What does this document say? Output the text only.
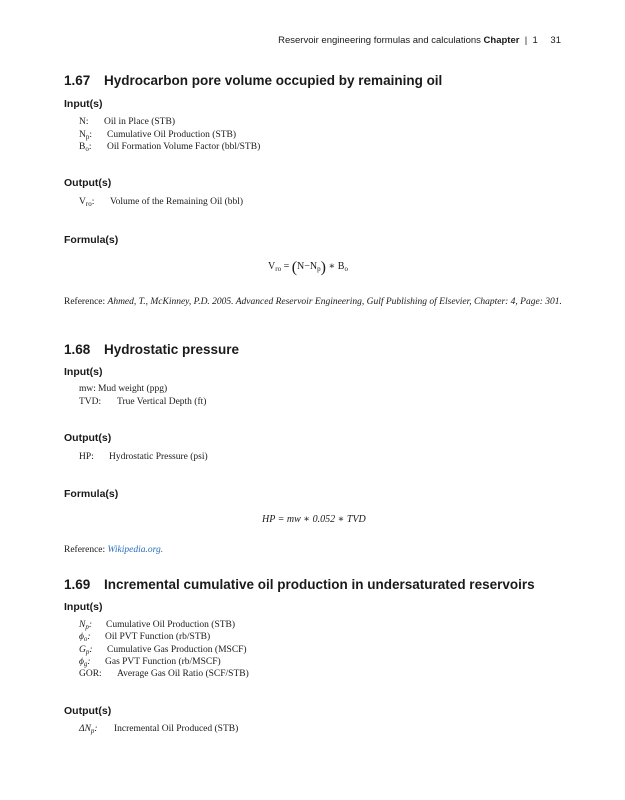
Reservoir engineering formulas and calculations Chapter  |  1 31
1.67 Hydrocarbon pore volume occupied by remaining oil
Input(s)
N: Oil in Place (STB)
$N_p$: Cumulative Oil Production (STB)
$B_o$: Oil Formation Volume Factor (bbl/STB)
Output(s)
$V_{ro}$: Volume of the Remaining Oil (bbl)
Formula(s)
$V_{ro} = (N-N_p)$ ∗ $B_o$
Reference: Ahmed, T., McKinney, P.D. 2005. Advanced Reservoir Engineering, Gulf Publishing of Elsevier, Chapter: 4, Page: 301.
1.68 Hydrostatic pressure
Input(s)
mw: Mud weight (ppg)
TVD: True Vertical Depth (ft)
Output(s)
HP: Hydrostatic Pressure (psi)
Formula(s)
HP = mw ∗ 0.052 ∗ TVD
Reference: Wikipedia.org.
1.69 Incremental cumulative oil production in undersaturated reservoirs
Input(s)
$N_p$: Cumulative Oil Production (STB)
$\phi_o$: Oil PVT Function (rb/STB)
$G_p$: Cumulative Gas Production (MSCF)
$\phi_g$: Gas PVT Function (rb/MSCF)
GOR: Average Gas Oil Ratio (SCF/STB)
Output(s)
$\Delta N_p$: Incremental Oil Produced (STB)
